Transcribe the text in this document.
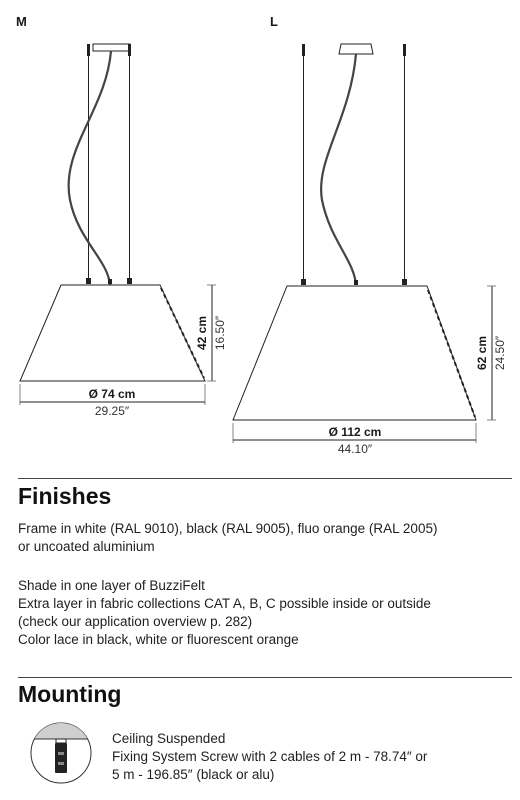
M	L
Ø 74 cm
29.25″
42 cm 16.50″
Ø 112 cm
44.10″
62 cm 24.50″
Finishes
Frame in white (RAL 9010), black (RAL 9005), fluo orange (RAL 2005)
or uncoated aluminium
Shade in one layer of BuzziFelt
Extra layer in fabric collections CAT A, B, C possible inside or outside
(check our application overview p. 282)
Color lace in black, white or fluorescent orange
Mounting
Ceiling Suspended
Fixing System Screw with 2 cables of 2 m - 78.74″ or
5 m - 196.85″ (black or alu)
